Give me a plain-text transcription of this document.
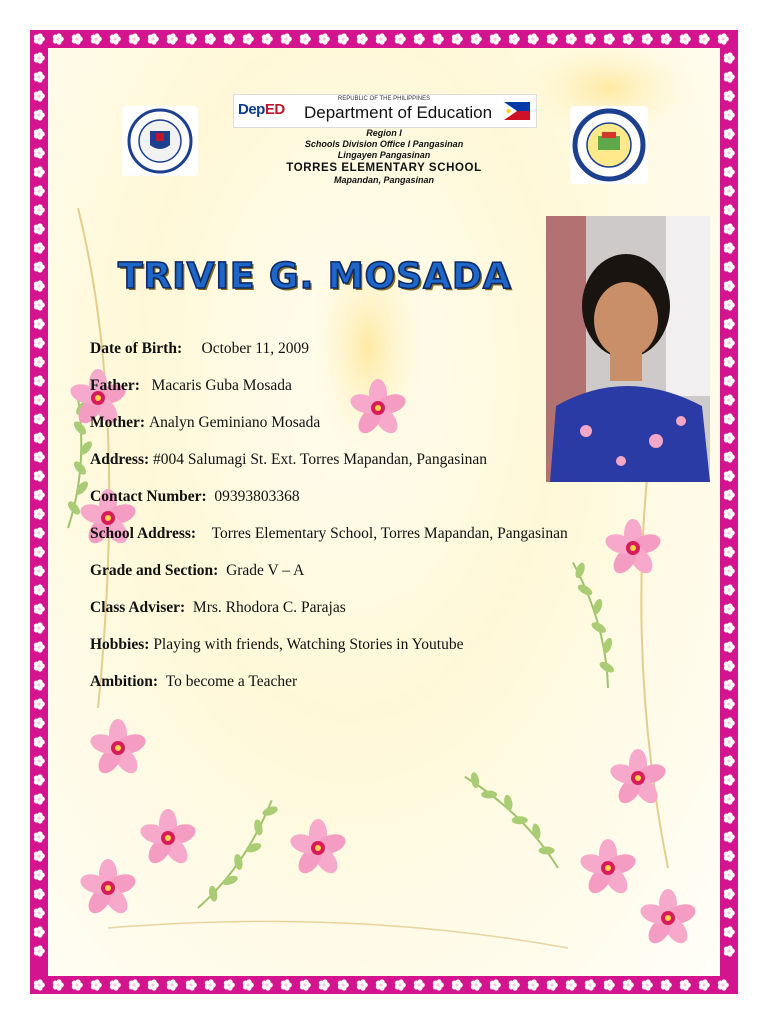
DepED
REPUBLIC OF THE PHILIPPINES
Department of Education
Region I
Schools Division Office I Pangasinan
Lingayen Pangasinan
TORRES ELEMENTARY SCHOOL
Mapandan, Pangasinan
TRIVIE G. MOSADA
Date of Birth: October 11, 2009
Father: Macaris Guba Mosada
Mother: Analyn Geminiano Mosada
Address: #004 Salumagi St. Ext. Torres Mapandan, Pangasinan
Contact Number: 09393803368
School Address: Torres Elementary School, Torres Mapandan, Pangasinan
Grade and Section: Grade V – A
Class Adviser: Mrs. Rhodora C. Parajas
Hobbies: Playing with friends, Watching Stories in Youtube
Ambition: To become a Teacher
